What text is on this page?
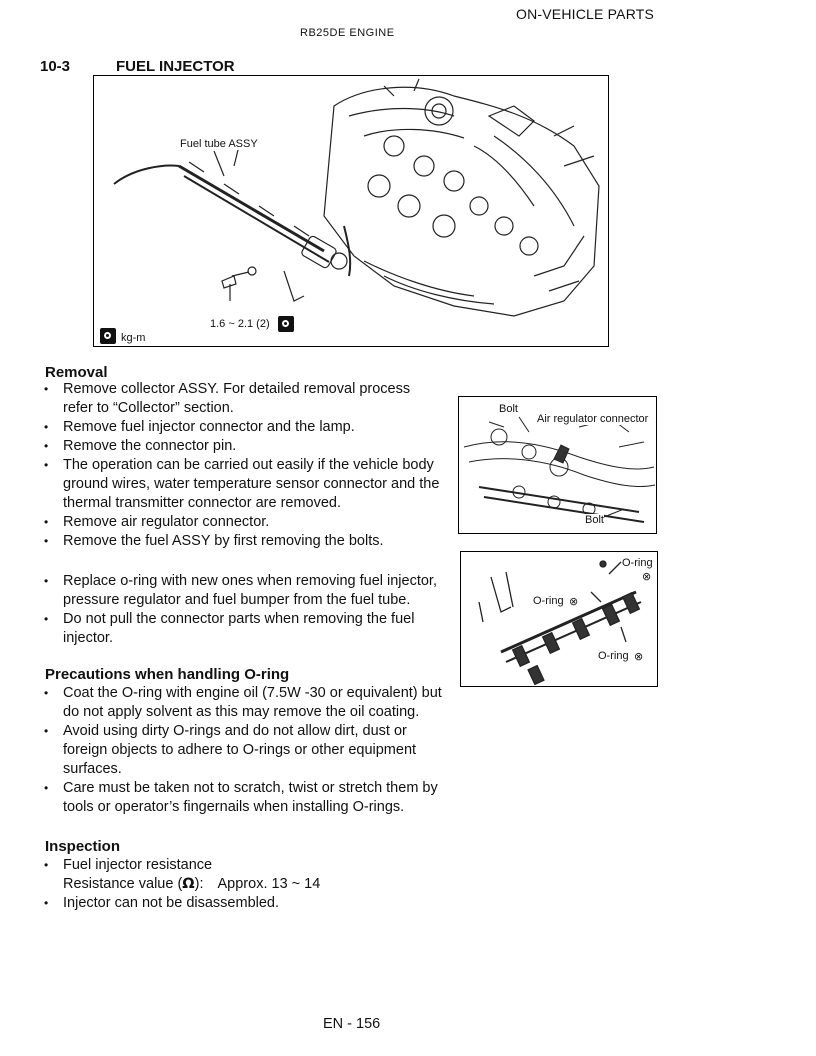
ON-VEHICLE PARTS
RB25DE ENGINE
10-3	FUEL INJECTOR
Fuel tube ASSY
1.6 ~ 2.1 (2)
kg-m
Bolt
Air regulator connector
Bolt
O-ring
⊗
O-ring ⊗
O-ring ⊗
Removal
• Remove collector ASSY. For detailed removal process
refer to “Collector” section.
• Remove fuel injector connector and the lamp.
• Remove the connector pin.
• The operation can be carried out easily if the vehicle body
ground wires, water temperature sensor connector and the
thermal transmitter connector are removed.
• Remove air regulator connector.
• Remove the fuel ASSY by first removing the bolts.
• Replace o-ring with new ones when removing fuel injector,
pressure regulator and fuel bumper from the fuel tube.
• Do not pull the connector parts when removing the fuel
injector.
Precautions when handling O-ring
• Coat the O-ring with engine oil (7.5W -30 or equivalent) but
do not apply solvent as this may remove the oil coating.
• Avoid using dirty O-rings and do not allow dirt, dust or
foreign objects to adhere to O-rings or other equipment
surfaces.
• Care must be taken not to scratch, twist or stretch them by
tools or operator’s fingernails when installing O-rings.
Inspection
• Fuel injector resistance
Resistance value (Ω): Approx. 13 ~ 14
• Injector can not be disassembled.
EN - 156
